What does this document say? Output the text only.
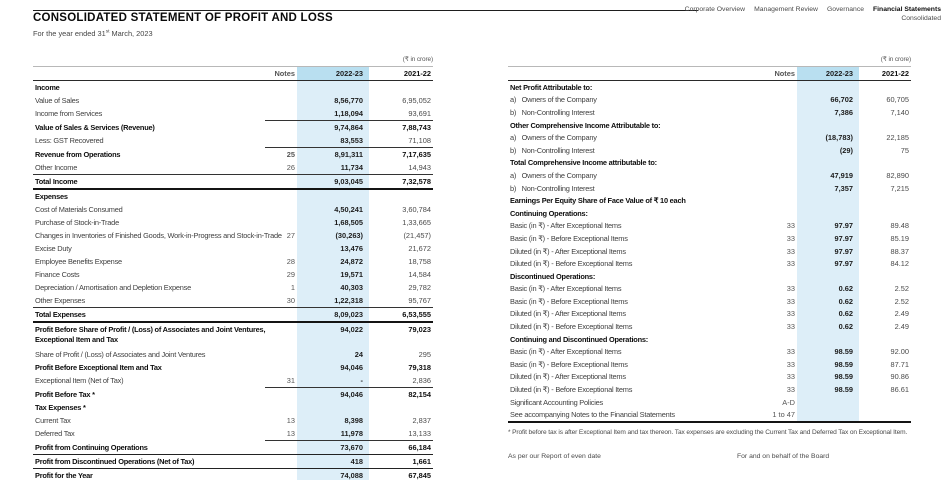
Corporate Overview Management Review Governance Financial Statements
Consolidated
CONSOLIDATED STATEMENT OF PROFIT AND LOSS
For the year ended 31st March, 2023
(₹ in crore)
	Notes	2022-23	2021-22
Income			
Value of Sales		8,56,770	6,95,052
Income from Services		1,18,094	93,691
Value of Sales & Services (Revenue)		9,74,864	7,88,743
Less: GST Recovered		83,553	71,108
Revenue from Operations	25	8,91,311	7,17,635
Other Income	26	11,734	14,943
Total Income		9,03,045	7,32,578
Expenses			
Cost of Materials Consumed		4,50,241	3,60,784
Purchase of Stock-in-Trade		1,68,505	1,33,665
Changes in Inventories of Finished Goods, Work-in-Progress and Stock-in-Trade	27	(30,263)	(21,457)
Excise Duty		13,476	21,672
Employee Benefits Expense	28	24,872	18,758
Finance Costs	29	19,571	14,584
Depreciation / Amortisation and Depletion Expense	1	40,303	29,782
Other Expenses	30	1,22,318	95,767
Total Expenses		8,09,023	6,53,555

Profit Before Share of Profit / (Loss) of Associates and Joint Ventures,
Exceptional Item and Tax		94,022	79,023
Share of Profit / (Loss) of Associates and Joint Ventures		24	295
Profit Before Exceptional Item and Tax		94,046	79,318
Exceptional Item (Net of Tax)	31	-	2,836
Profit Before Tax *		94,046	82,154
Tax Expenses *			
Current Tax	13	8,398	2,837
Deferred Tax	13	11,978	13,133
Profit from Continuing Operations		73,670	66,184
Profit from Discontinued Operations (Net of Tax)		418	1,661
Profit for the Year		74,088	67,845
(₹ in crore)
	Notes	2022-23	2021-22
Net Profit Attributable to:			
a)   Owners of the Company		66,702	60,705
b)   Non-Controlling Interest		7,386	7,140
Other Comprehensive Income Attributable to:			
a)   Owners of the Company		(18,783)	22,185
b)   Non-Controlling Interest		(29)	75
Total Comprehensive Income attributable to:			
a)   Owners of the Company		47,919	82,890
b)   Non-Controlling Interest		7,357	7,215
Earnings Per Equity Share of Face Value of ₹ 10 each			
Continuing Operations:			
Basic (in ₹) - After Exceptional Items	33	97.97	89.48
Basic (in ₹) - Before Exceptional Items	33	97.97	85.19
Diluted (in ₹) - After Exceptional Items	33	97.97	88.37
Diluted (in ₹) - Before Exceptional Items	33	97.97	84.12
Discontinued Operations:			
Basic (in ₹) - After Exceptional Items	33	0.62	2.52
Basic (in ₹) - Before Exceptional Items	33	0.62	2.52
Diluted (in ₹) - After Exceptional Items	33	0.62	2.49
Diluted (in ₹) - Before Exceptional Items	33	0.62	2.49
Continuing and Discontinued Operations:			
Basic (in ₹) - After Exceptional Items	33	98.59	92.00
Basic (in ₹) - Before Exceptional Items	33	98.59	87.71
Diluted (in ₹) - After Exceptional Items	33	98.59	90.86
Diluted (in ₹) - Before Exceptional Items	33	98.59	86.61
Significant Accounting Policies	A-D		
See accompanying Notes to the Financial Statements	1 to 47		
* Profit before tax is after Exceptional Item and tax thereon. Tax expenses are excluding the Current Tax and Deferred Tax on Exceptional Item.
As per our Report of even date	For and on behalf of the Board
